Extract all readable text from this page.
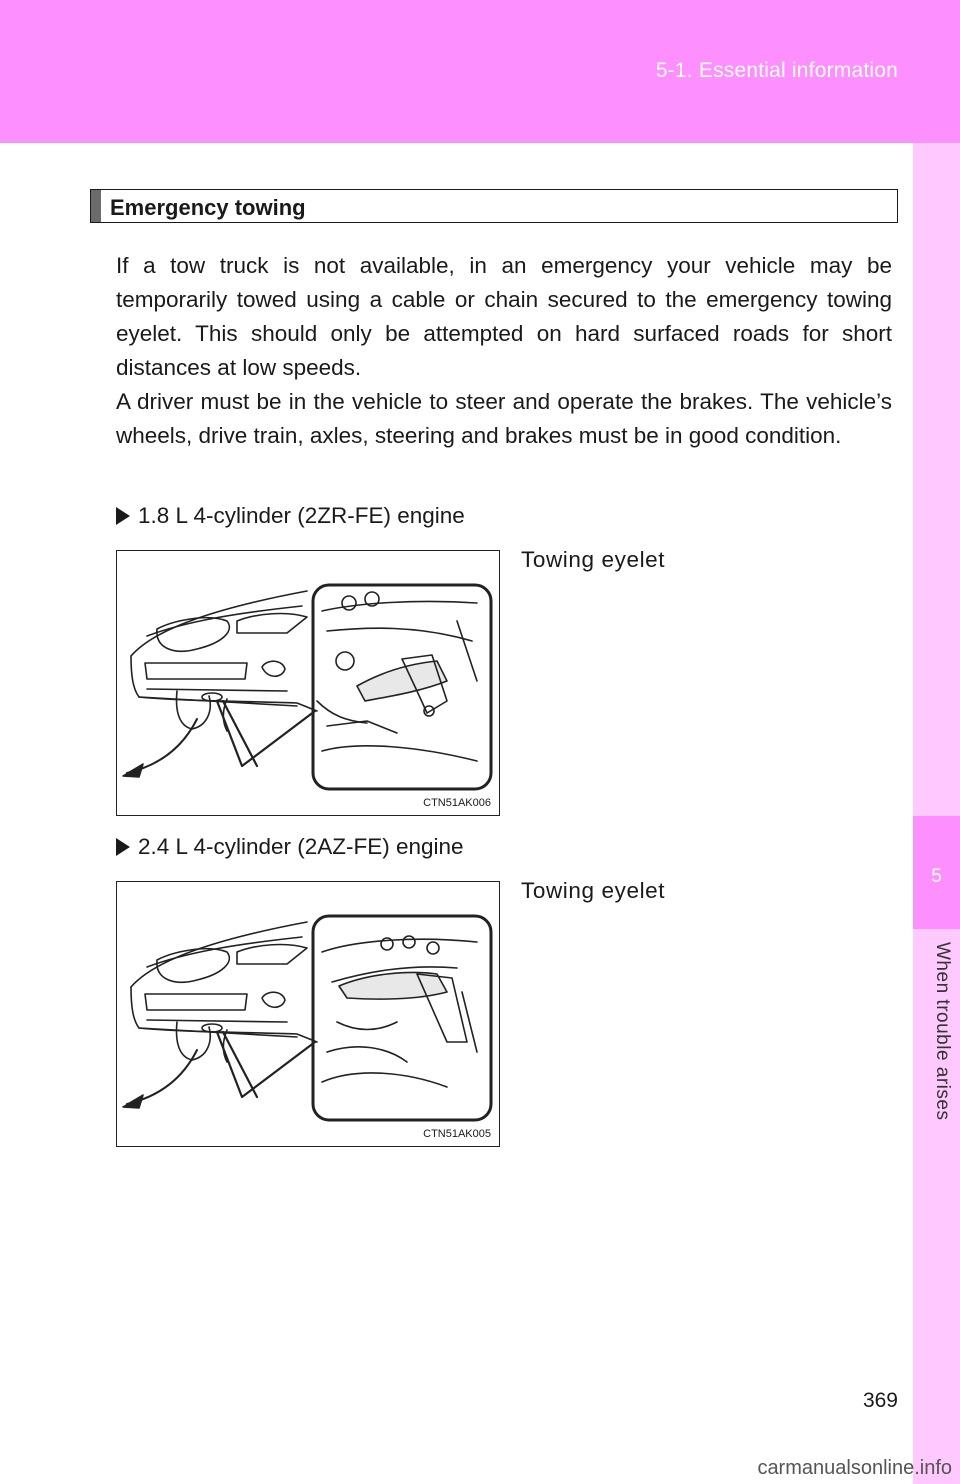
5-1. Essential information
5
When trouble arises
Emergency towing

If a tow truck is not available, in an emergency your vehicle may be temporarily towed using a cable or chain secured to the emergency towing eyelet. This should only be attempted on hard surfaced roads for short distances at low speeds.

A driver must be in the vehicle to steer and operate the brakes. The vehicle’s wheels, drive train, axles, steering and brakes must be in good condition.

1.8 L 4-cylinder (2ZR-FE) engine
Towing eyelet
CTN51AK006
2.4 L 4-cylinder (2AZ-FE) engine
Towing eyelet
CTN51AK005
369
carmanualsonline.info
